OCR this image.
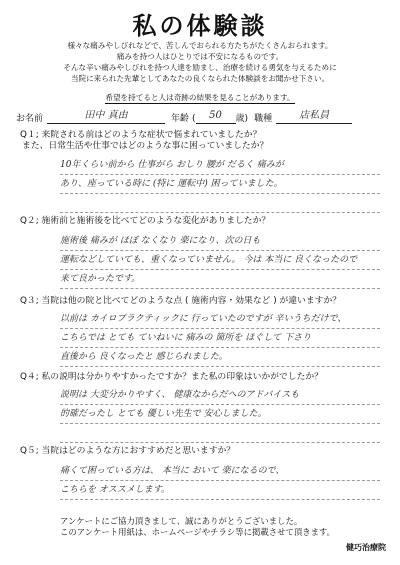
私の体験談
様々な痛みやしびれなどで、苦しんでおられる方たちがたくさんおられます。
痛みを持つ人はひとりでは不安になるものです。
そんな辛い痛みやしびれを持つ人達を励まし、治療を続ける勇気を与えるために
当院に来られた先輩としてあなたの良くなられた体験談をお聞かせ下さい。
希望を持てると人は奇跡の結果を見ることがあります。
お名前	田中 真由	年齢 (	50	歳) 職種	店私員
Q１; 来院される前はどのような症状で悩まれていましたか？
また、日常生活や仕事ではどのような事に困っていましたか？
10年くらい前から 仕事がら おしり 腰が だるく 痛みが
あり、座っている時に (特に 運転中) 困っていました。
Q２; 施術前と施術後を比べてどのような変化がありましたか？
施術後 痛みが ほぼ なくなり 楽になり、次の日も
運転などしていても、重くなっていません。 今は 本当に 良くなったので
来て良かったです。
Q３; 当院は他の院と比べてどのような点 ( 施術内容・効果など ) が違いますか？
以前は カイロプラクティックに 行っていたのですが 辛いうちだけで、
こちらでは とても ていねいに 痛みの 箇所を ほぐして 下さり
直後から 良くなったと 感じられました。
Q４; 私の説明は分かりやすかったですか？また私の印象はいかがでしたか？
説明は 大変分かりやすく、 健康なからだへのアドバイスも
的確だったし とても 優しい先生で 安心しました。
Q５; 当院はどのような方におすすめだと思いますか？
痛くて困っている方は、 本当に おいて 楽になるので、
こちらを オススメします。
アンケートにご協力頂きまして、誠にありがとうございました。
このアンケート用紙は、ホームページやチラシ等に掲載させて頂きます。
健巧治療院
